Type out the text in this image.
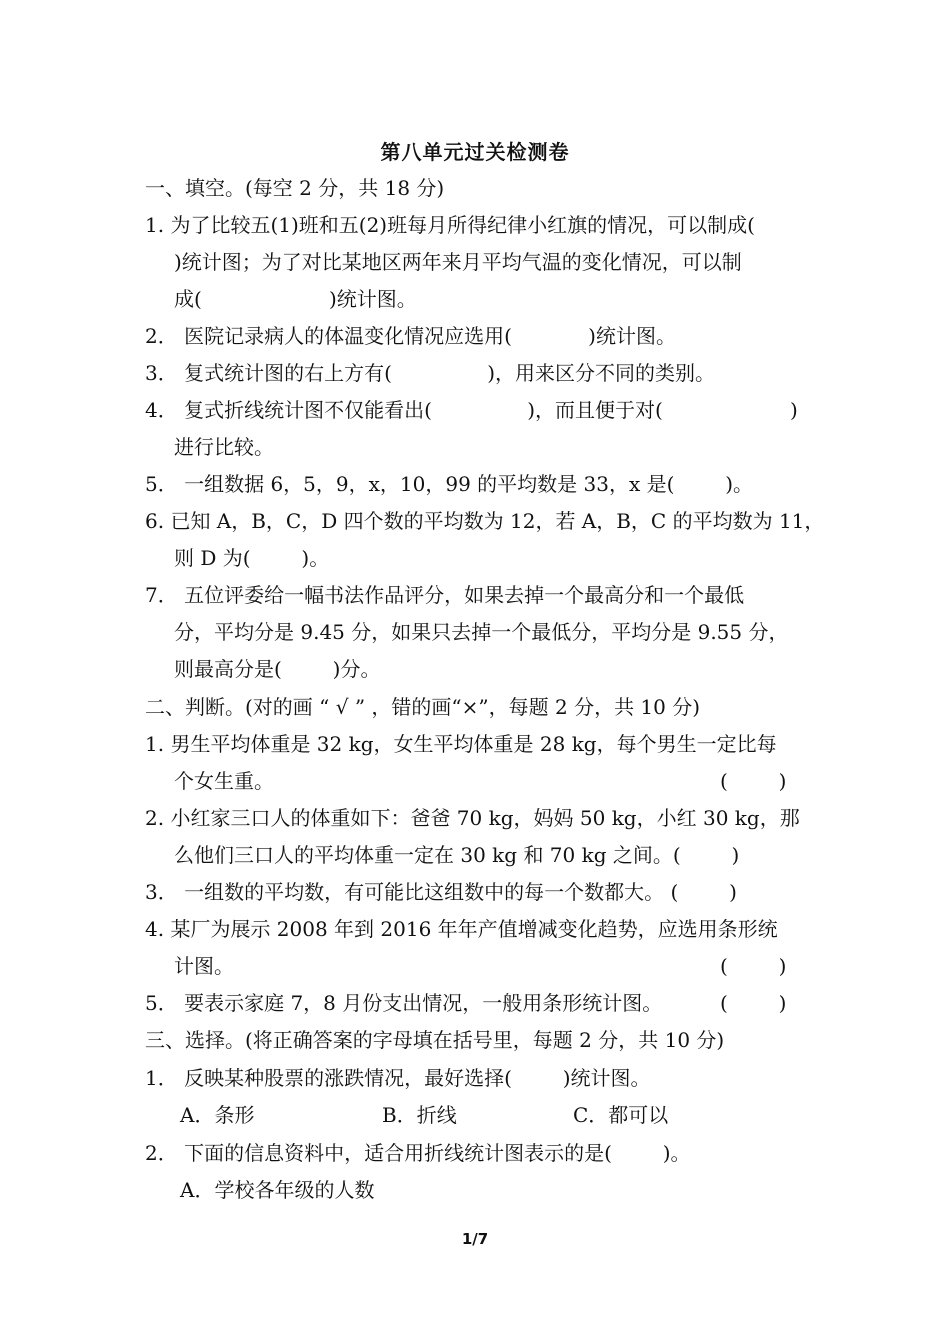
第八单元过关检测卷
一、填空。(每空 2 分，共 18 分)
1. 为了比较五(1)班和五(2)班每月所得纪律小红旗的情况，可以制成(
)统计图；为了对比某地区两年来月平均气温的变化情况，可以制
成(                    )统计图。
2． 医院记录病人的体温变化情况应选用(            )统计图。
3． 复式统计图的右上方有(               )，用来区分不同的类别。
4． 复式折线统计图不仅能看出(               )，而且便于对(                    )
进行比较。
5． 一组数据 6，5，9，x，10，99 的平均数是 33，x 是(        )。
6. 已知 A，B，C，D 四个数的平均数为 12，若 A，B，C 的平均数为 11，
则 D 为(        )。
7． 五位评委给一幅书法作品评分，如果去掉一个最高分和一个最低
分，平均分是 9.45 分，如果只去掉一个最低分，平均分是 9.55 分，
则最高分是(        )分。
二、判断。(对的画 “ √ ” ，错的画“×”，每题 2 分，共 10 分)
1. 男生平均体重是 32 kg，女生平均体重是 28 kg，每个男生一定比每
个女生重。	(        )
2. 小红家三口人的体重如下：爸爸 70 kg，妈妈 50 kg，小红 30 kg，那
么他们三口人的平均体重一定在 30 kg 和 70 kg 之间。(        )
3． 一组数的平均数，有可能比这组数中的每一个数都大。 (        )
4. 某厂为展示 2008 年到 2016 年年产值增减变化趋势，应选用条形统
计图。	(        )
5． 要表示家庭 7，8 月份支出情况，一般用条形统计图。	(        )
三、选择。(将正确答案的字母填在括号里，每题 2 分，共 10 分)
1． 反映某种股票的涨跌情况，最好选择(        )统计图。
A．条形	B．折线	C．都可以
2． 下面的信息资料中，适合用折线统计图表示的是(        )。
A．学校各年级的人数
1/7
